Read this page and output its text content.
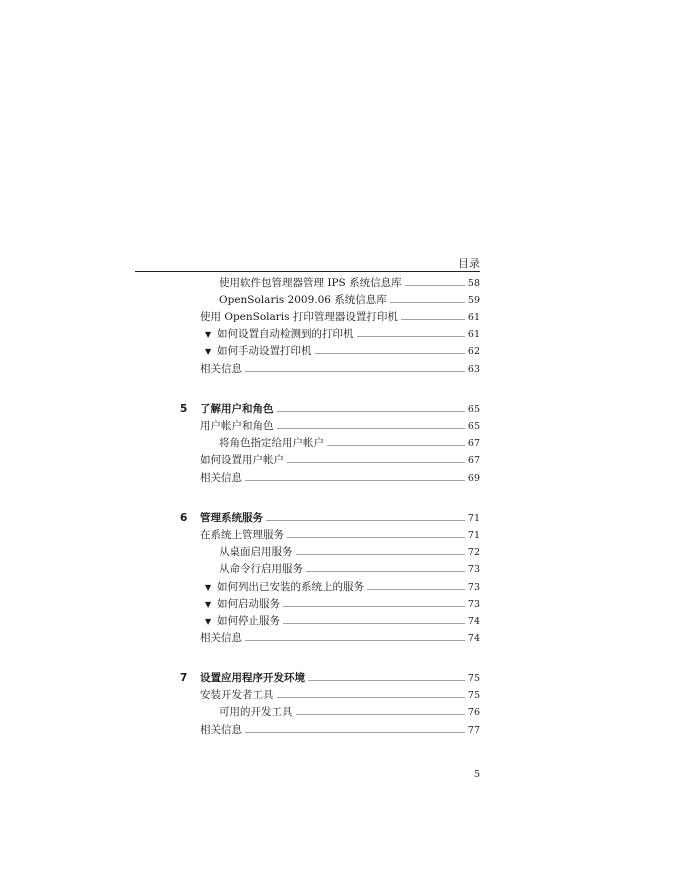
目录
使用软件包管理器管理 IPS 系统信息库	58
OpenSolaris 2009.06 系统信息库	59
使用 OpenSolaris 打印管理器设置打印机	61
▼ 如何设置自动检测到的打印机	61
▼ 如何手动设置打印机	62
相关信息	63
5	了解用户和角色	65
用户帐户和角色	65
将角色指定给用户帐户	67
如何设置用户帐户	67
相关信息	69
6	管理系统服务	71
在系统上管理服务	71
从桌面启用服务	72
从命令行启用服务	73
▼ 如何列出已安装的系统上的服务	73
▼ 如何启动服务	73
▼ 如何停止服务	74
相关信息	74
7	设置应用程序开发环境	75
安装开发者工具	75
可用的开发工具	76
相关信息	77
5
